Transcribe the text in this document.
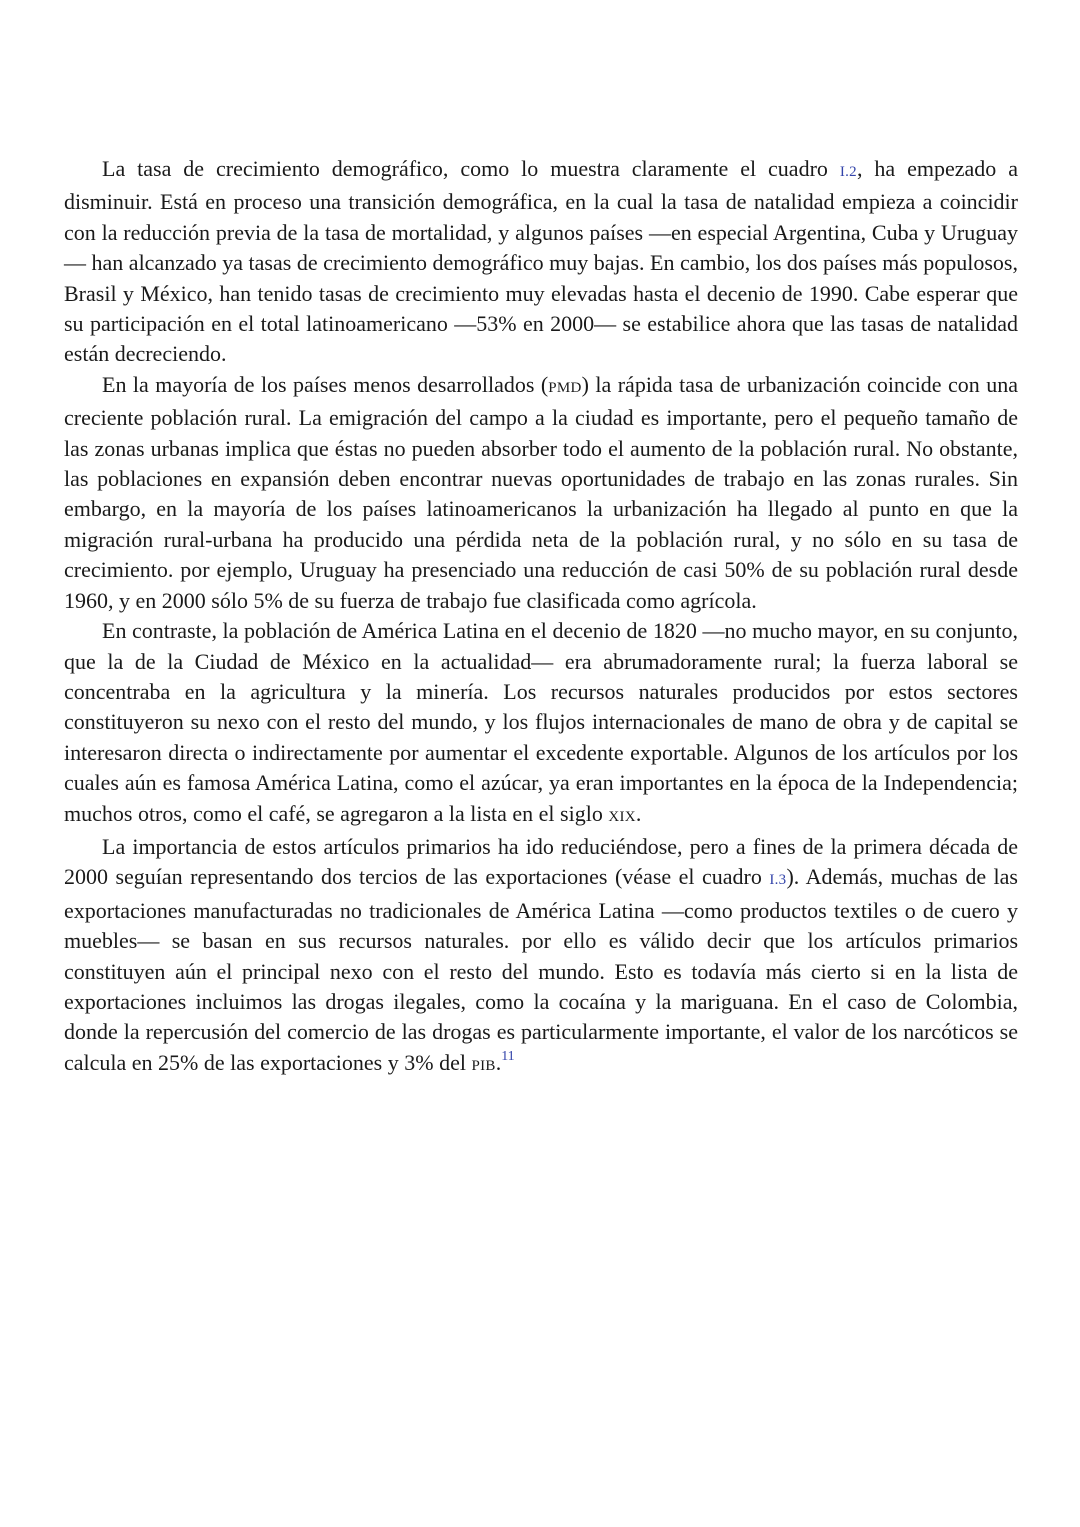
La tasa de crecimiento demográfico, como lo muestra claramente el cuadro I.2, ha empezado a disminuir. Está en proceso una transición demográfica, en la cual la tasa de natalidad empieza a coincidir con la reducción previa de la tasa de mortalidad, y algunos países —en especial Argentina, Cuba y Uruguay— han alcanzado ya tasas de crecimiento demográfico muy bajas. En cambio, los dos países más populosos, Brasil y México, han tenido tasas de crecimiento muy elevadas hasta el decenio de 1990. Cabe esperar que su participación en el total latinoamericano —53% en 2000— se estabilice ahora que las tasas de natalidad están decreciendo.

En la mayoría de los países menos desarrollados (PMD) la rápida tasa de urbanización coincide con una creciente población rural. La emigración del campo a la ciudad es importante, pero el pequeño tamaño de las zonas urbanas implica que éstas no pueden absorber todo el aumento de la población rural. No obstante, las poblaciones en expansión deben encontrar nuevas oportunidades de trabajo en las zonas rurales. Sin embargo, en la mayoría de los países latinoamericanos la urbanización ha llegado al punto en que la migración rural-urbana ha producido una pérdida neta de la población rural, y no sólo en su tasa de crecimiento. por ejemplo, Uruguay ha presenciado una reducción de casi 50% de su población rural desde 1960, y en 2000 sólo 5% de su fuerza de trabajo fue clasificada como agrícola.

En contraste, la población de América Latina en el decenio de 1820 —no mucho mayor, en su conjunto, que la de la Ciudad de México en la actualidad— era abrumadoramente rural; la fuerza laboral se concentraba en la agricultura y la minería. Los recursos naturales producidos por estos sectores constituyeron su nexo con el resto del mundo, y los flujos internacionales de mano de obra y de capital se interesaron directa o indirectamente por aumentar el excedente exportable. Algunos de los artículos por los cuales aún es famosa América Latina, como el azúcar, ya eran importantes en la época de la Independencia; muchos otros, como el café, se agregaron a la lista en el siglo XIX.

La importancia de estos artículos primarios ha ido reduciéndose, pero a fines de la primera década de 2000 seguían representando dos tercios de las exportaciones (véase el cuadro I.3). Además, muchas de las exportaciones manufacturadas no tradicionales de América Latina —como productos textiles o de cuero y muebles— se basan en sus recursos naturales. por ello es válido decir que los artículos primarios constituyen aún el principal nexo con el resto del mundo. Esto es todavía más cierto si en la lista de exportaciones incluimos las drogas ilegales, como la cocaína y la mariguana. En el caso de Colombia, donde la repercusión del comercio de las drogas es particularmente importante, el valor de los narcóticos se calcula en 25% de las exportaciones y 3% del PIB.$^{11}$
